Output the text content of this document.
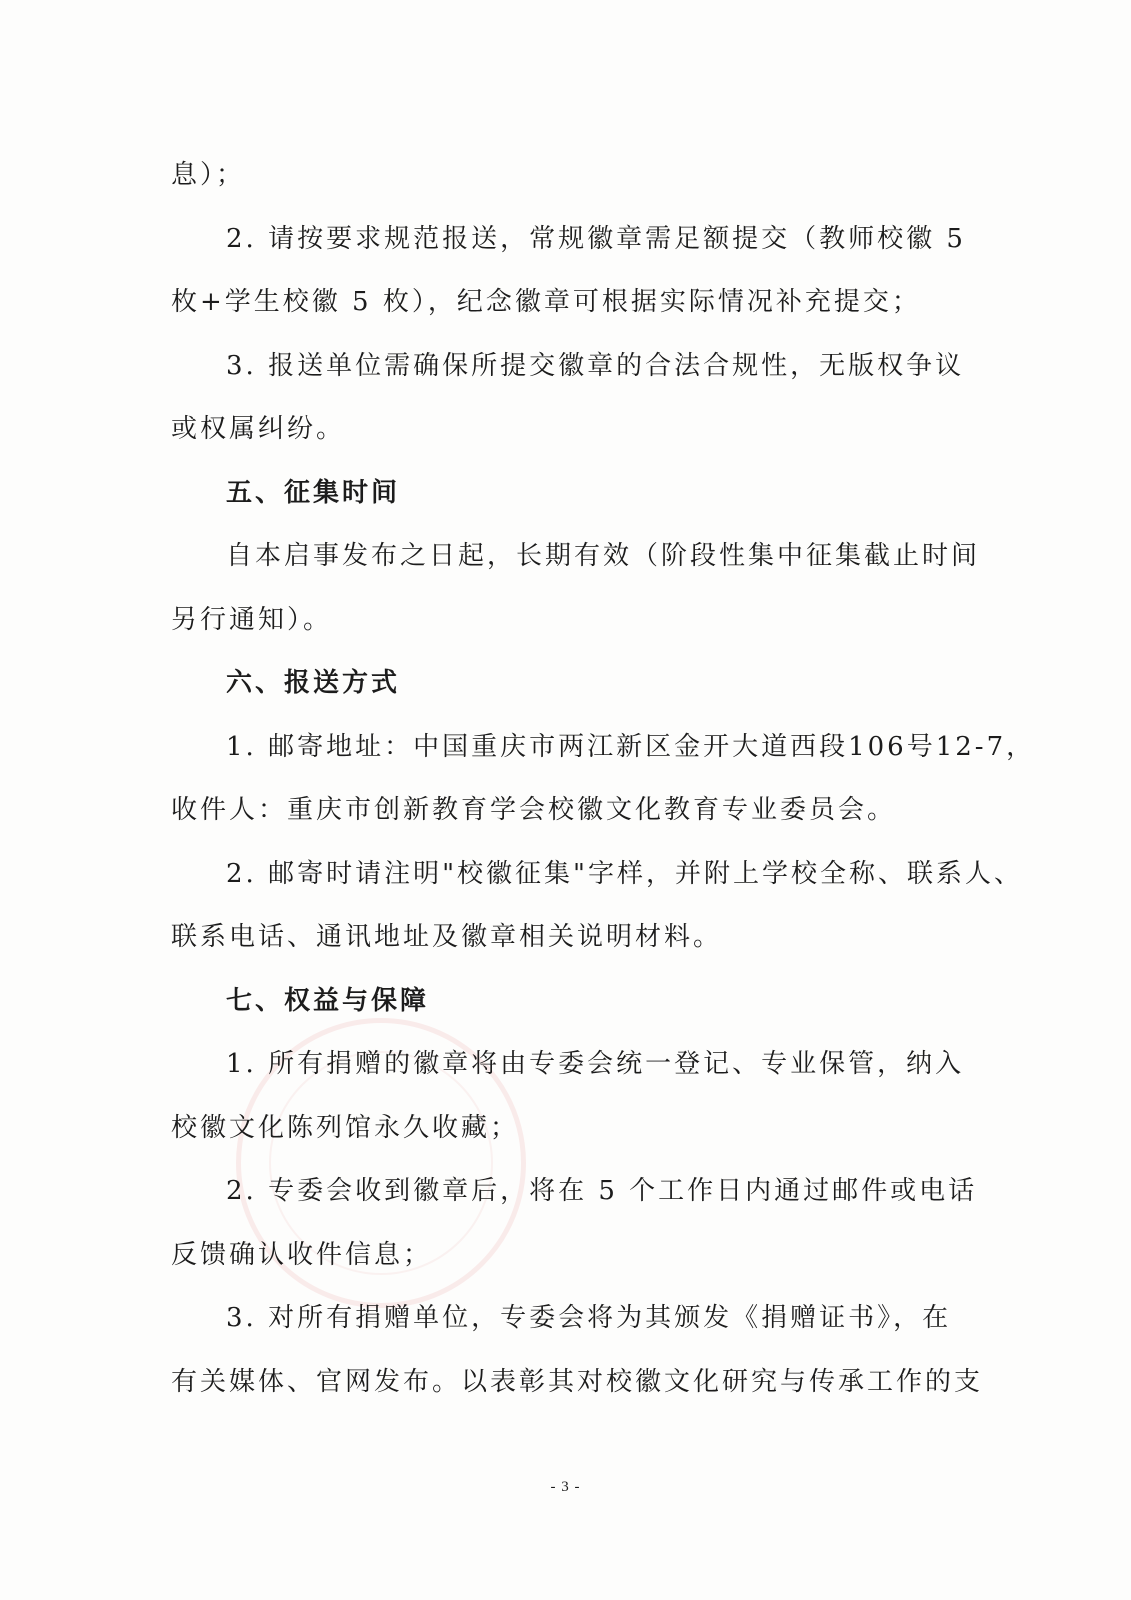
息）；
2. 请按要求规范报送，常规徽章需足额提交（教师校徽 5
枚+学生校徽 5 枚），纪念徽章可根据实际情况补充提交；
3. 报送单位需确保所提交徽章的合法合规性，无版权争议
或权属纠纷。
五、征集时间
自本启事发布之日起，长期有效（阶段性集中征集截止时间
另行通知）。
六、报送方式
1. 邮寄地址：中国重庆市两江新区金开大道西段106号12-7，
收件人：重庆市创新教育学会校徽文化教育专业委员会。
2. 邮寄时请注明"校徽征集"字样，并附上学校全称、联系人、
联系电话、通讯地址及徽章相关说明材料。
七、权益与保障
1. 所有捐赠的徽章将由专委会统一登记、专业保管，纳入
校徽文化陈列馆永久收藏；
2. 专委会收到徽章后，将在 5 个工作日内通过邮件或电话
反馈确认收件信息；
3. 对所有捐赠单位，专委会将为其颁发《捐赠证书》，在
有关媒体、官网发布。以表彰其对校徽文化研究与传承工作的支
- 3 -
